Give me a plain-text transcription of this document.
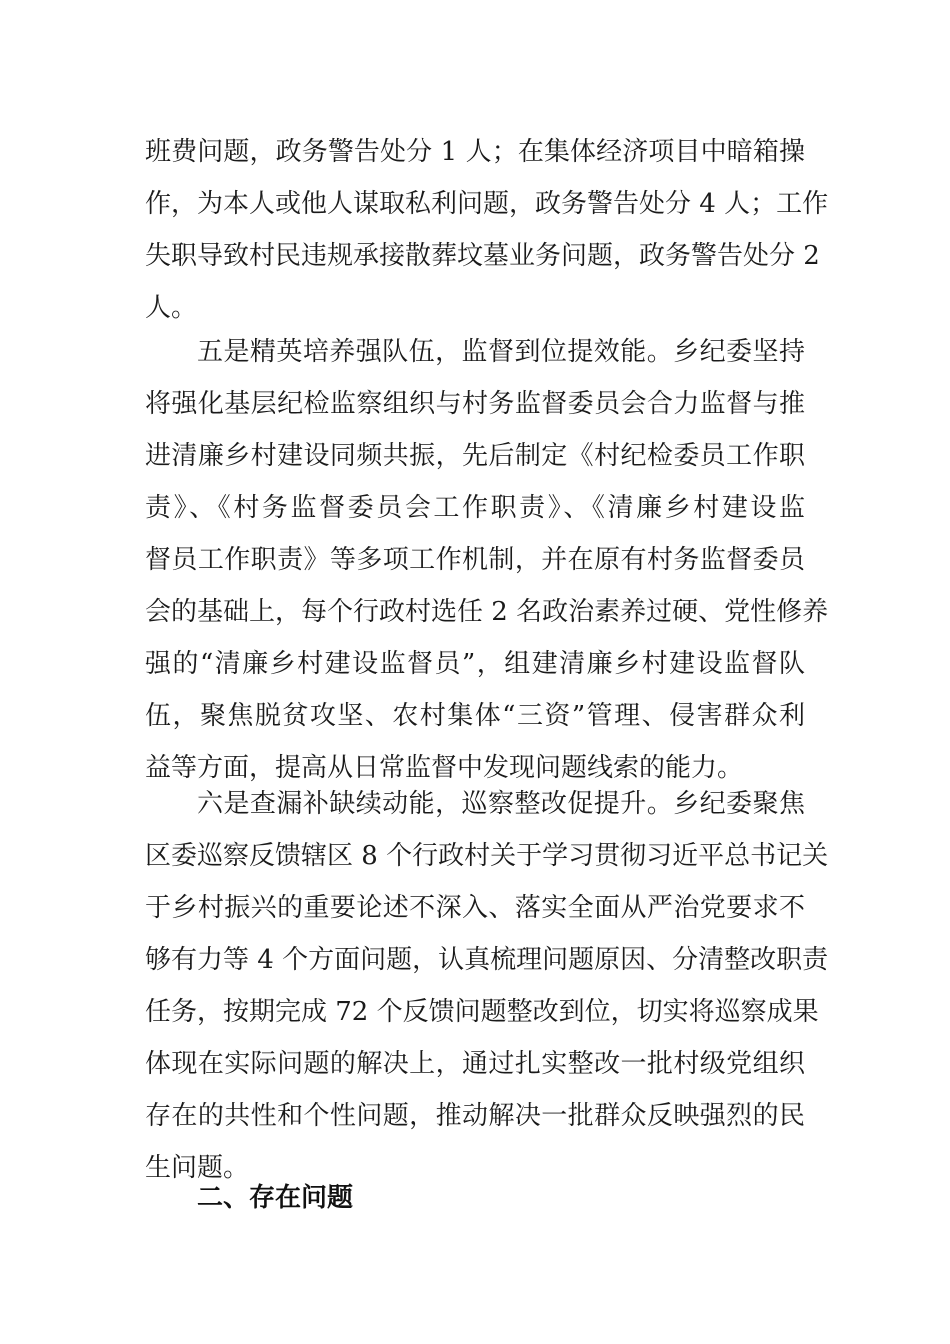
班费问题，政务警告处分 1 人；在集体经济项目中暗箱操
作，为本人或他人谋取私利问题，政务警告处分 4 人；工作
失职导致村民违规承接散葬坟墓业务问题，政务警告处分 2
人。
五是精英培养强队伍，监督到位提效能。乡纪委坚持
将强化基层纪检监察组织与村务监督委员会合力监督与推
进清廉乡村建设同频共振，先后制定《村纪检委员工作职
责》、《村务监督委员会工作职责》、《清廉乡村建设监
督员工作职责》等多项工作机制，并在原有村务监督委员
会的基础上，每个行政村选任 2 名政治素养过硬、党性修养
强的“清廉乡村建设监督员”，组建清廉乡村建设监督队
伍，聚焦脱贫攻坚、农村集体“三资”管理、侵害群众利
益等方面，提高从日常监督中发现问题线索的能力。
六是查漏补缺续动能，巡察整改促提升。乡纪委聚焦
区委巡察反馈辖区 8 个行政村关于学习贯彻习近平总书记关
于乡村振兴的重要论述不深入、落实全面从严治党要求不
够有力等 4 个方面问题，认真梳理问题原因、分清整改职责
任务，按期完成 72 个反馈问题整改到位，切实将巡察成果
体现在实际问题的解决上，通过扎实整改一批村级党组织
存在的共性和个性问题，推动解决一批群众反映强烈的民
生问题。
二、存在问题
